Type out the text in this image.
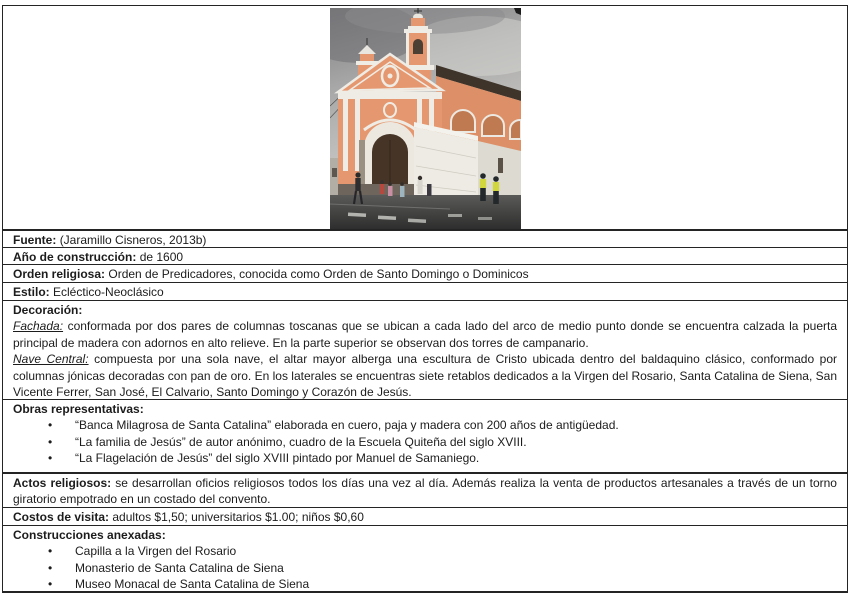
Fuente: (Jaramillo Cisneros, 2013b)
Año de construcción: de 1600
Orden religiosa: Orden de Predicadores, conocida como Orden de Santo Domingo o Dominicos
Estilo: Ecléctico-Neoclásico
Decoración:

Fachada: conformada por dos pares de columnas toscanas que se ubican a cada lado del arco de medio punto donde se encuentra calzada la puerta principal de madera con adornos en alto relieve. En la parte superior se observan dos torres de campanario.

Nave Central: compuesta por una sola nave, el altar mayor alberga una escultura de Cristo ubicada dentro del baldaquino clásico, conformado por columnas jónicas decoradas con pan de oro. En los laterales se encuentras siete retablos dedicados a la Virgen del Rosario, Santa Catalina de Siena, San Vicente Ferrer, San José, El Calvario, Santo Domingo y Corazón de Jesús.

Obras representativas:
•	“Banca Milagrosa de Santa Catalina” elaborada en cuero, paja y madera con 200 años de antigüedad.
•	“La familia de Jesús” de autor anónimo, cuadro de la Escuela Quiteña del siglo XVIII.
•	“La Flagelación de Jesús” del siglo XVIII pintado por Manuel de Samaniego.
Actos religiosos: se desarrollan oficios religiosos todos los días una vez al día. Además realiza la venta de productos artesanales a través de un torno giratorio empotrado en un costado del convento.
Costos de visita: adultos $1,50; universitarios $1.00; niños $0,60
Construcciones anexadas:
•	Capilla a la Virgen del Rosario
•	Monasterio de Santa Catalina de Siena
•	Museo Monacal de Santa Catalina de Siena
